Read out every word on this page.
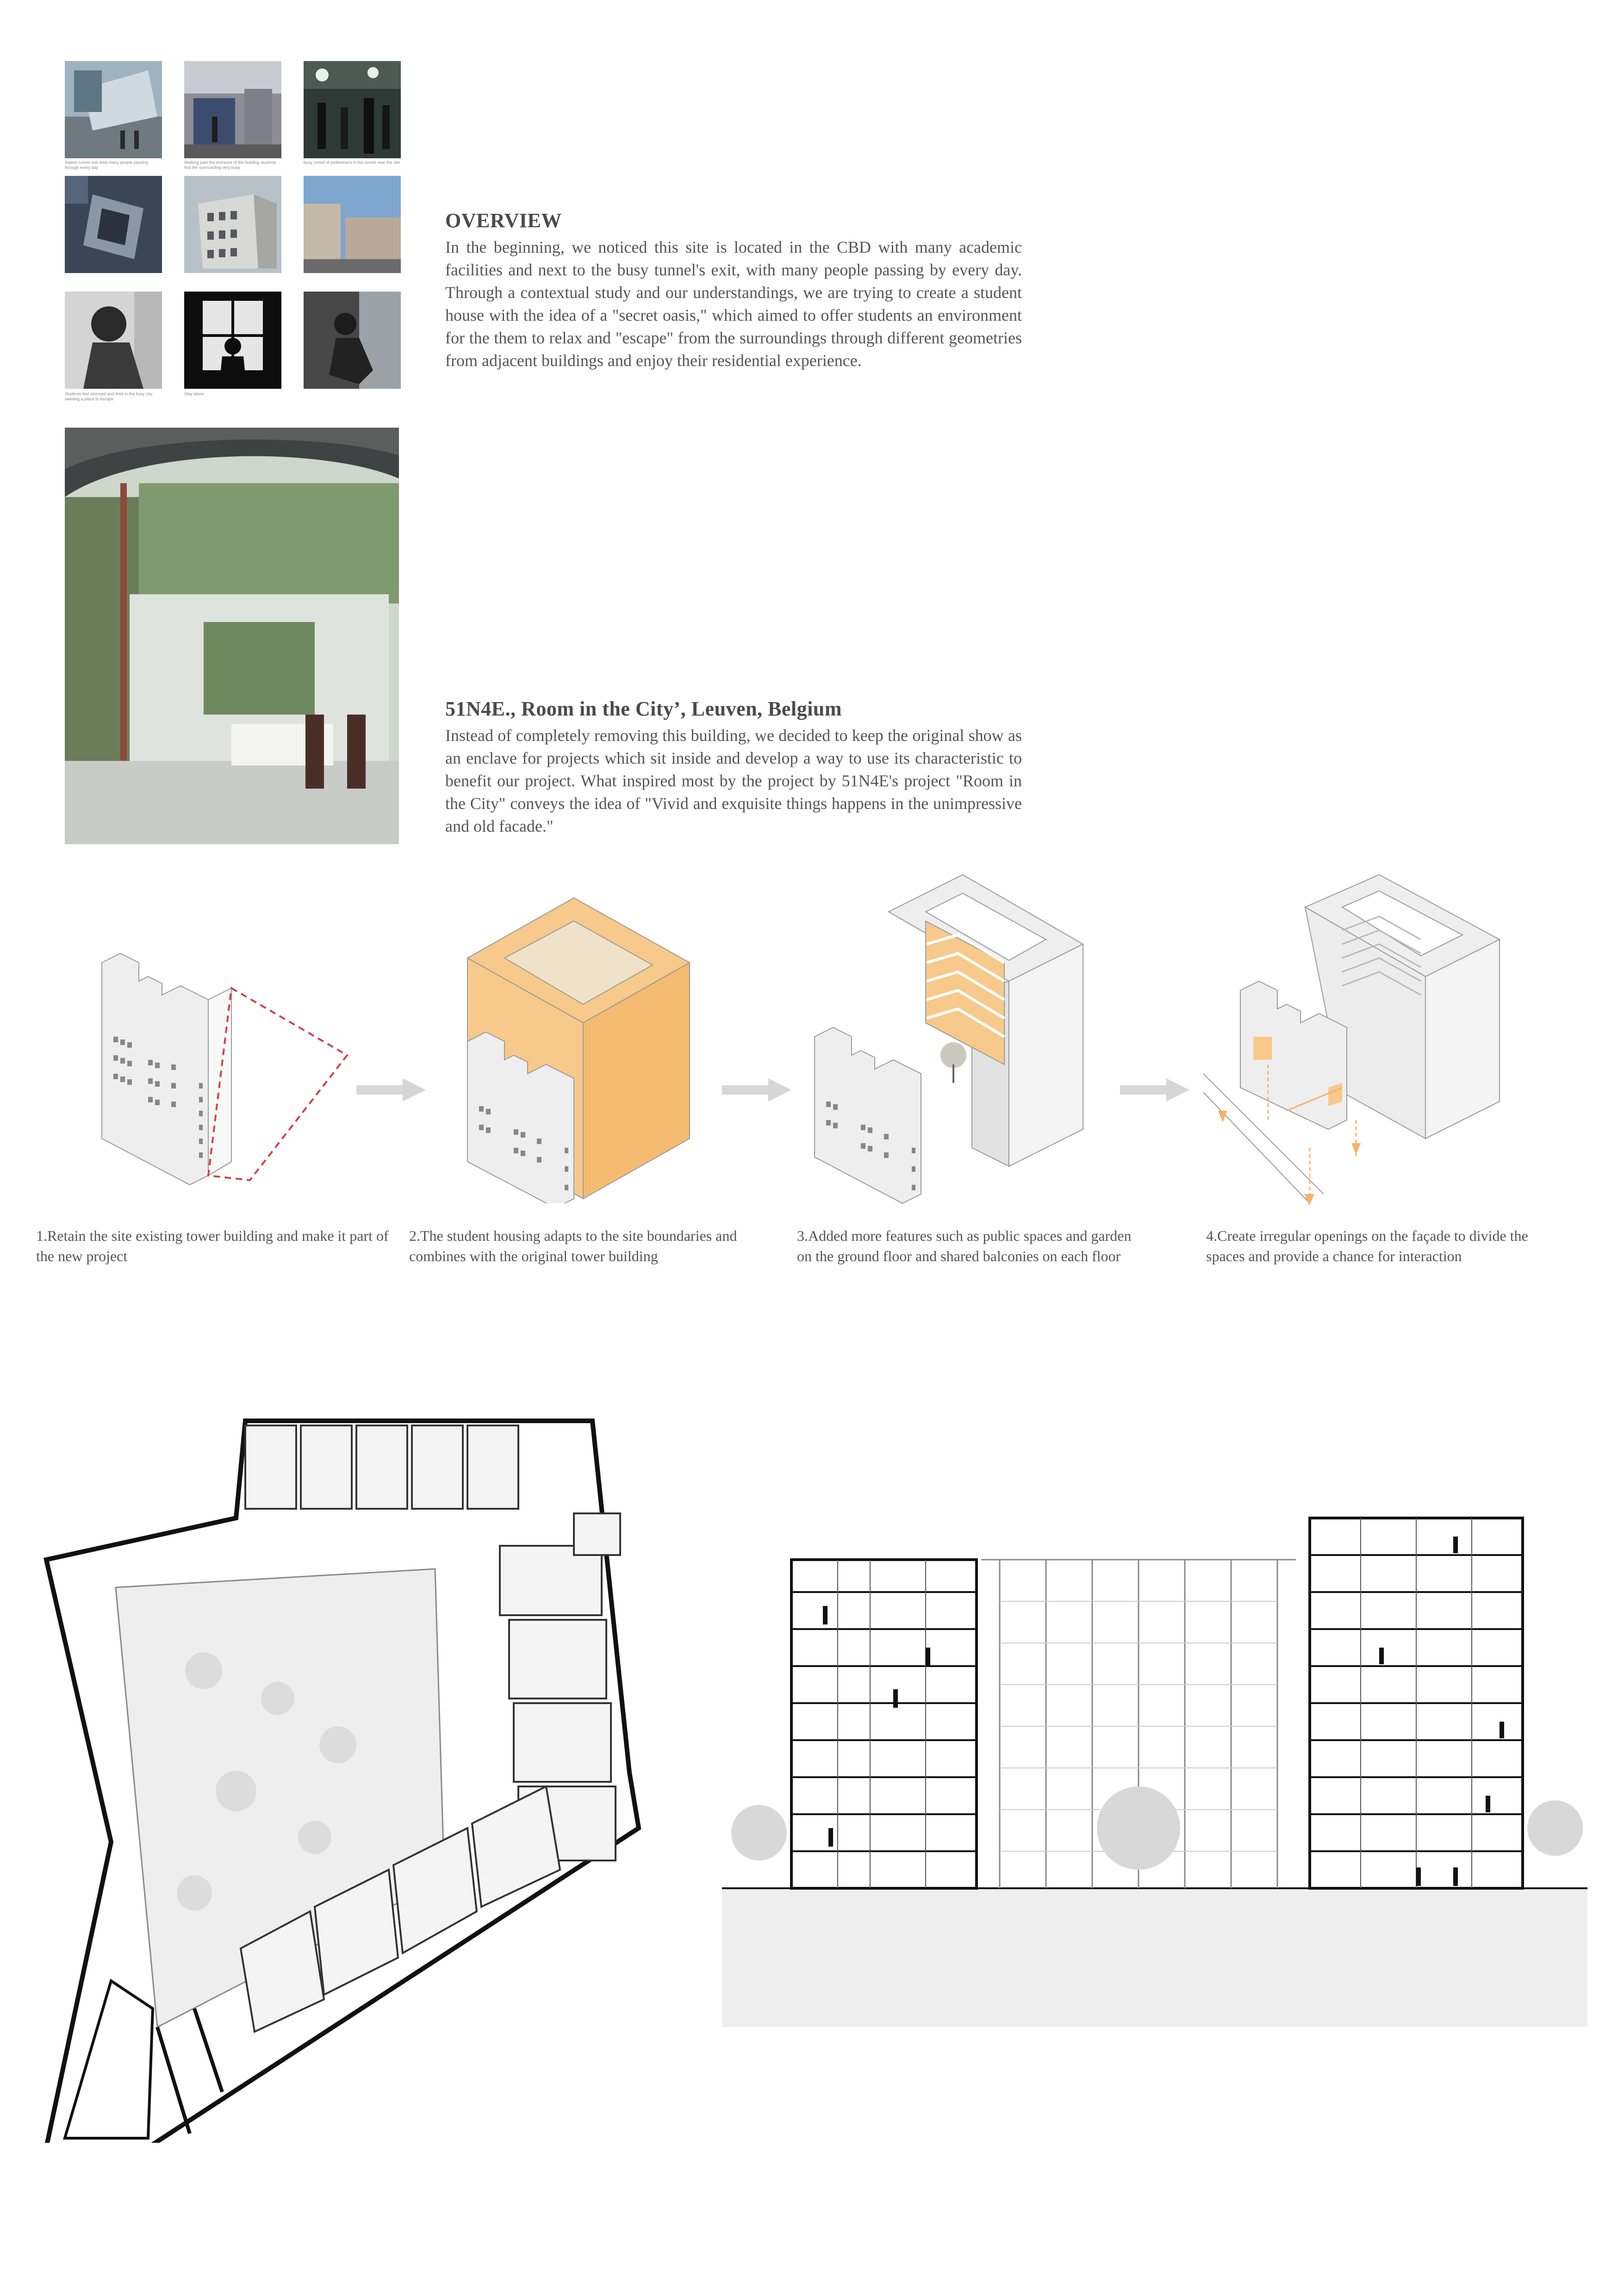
Station tunnel exit area many people passing through every day
Walking past the entrance of the building students find the surrounding very busy
busy crowd of pedestrians in the tunnel near the site
Students feel stressed and tired in the busy city, needing a place to escape
Stay alone
OVERVIEW
In the beginning, we noticed this site is located in the CBD with many academic facilities and next to the busy tunnel's exit, with many people passing by every day. Through a contextual study and our understandings, we are trying to create a student house with the idea of a "secret oasis," which aimed to offer students an environment for the them to relax and "escape" from the surroundings through different geometries from adjacent buildings and enjoy their residential experience.
51N4E., Room in the City’, Leuven, Belgium
Instead of completely removing this building, we decided to keep the original show as an enclave for projects which sit inside and develop a way to use its characteristic to benefit our project. What inspired most by the project by 51N4E's project "Room in the City" conveys the idea of "Vivid and exquisite things happens in the unimpressive and old facade."
1.Retain the site existing tower building and make it part of the new project
2.The student housing adapts to the site boundaries and combines with the original tower building
3.Added more features such as public spaces and garden on the ground floor and shared balconies on each floor
4.Create irregular openings on the façade to divide the spaces and provide a chance for interaction
